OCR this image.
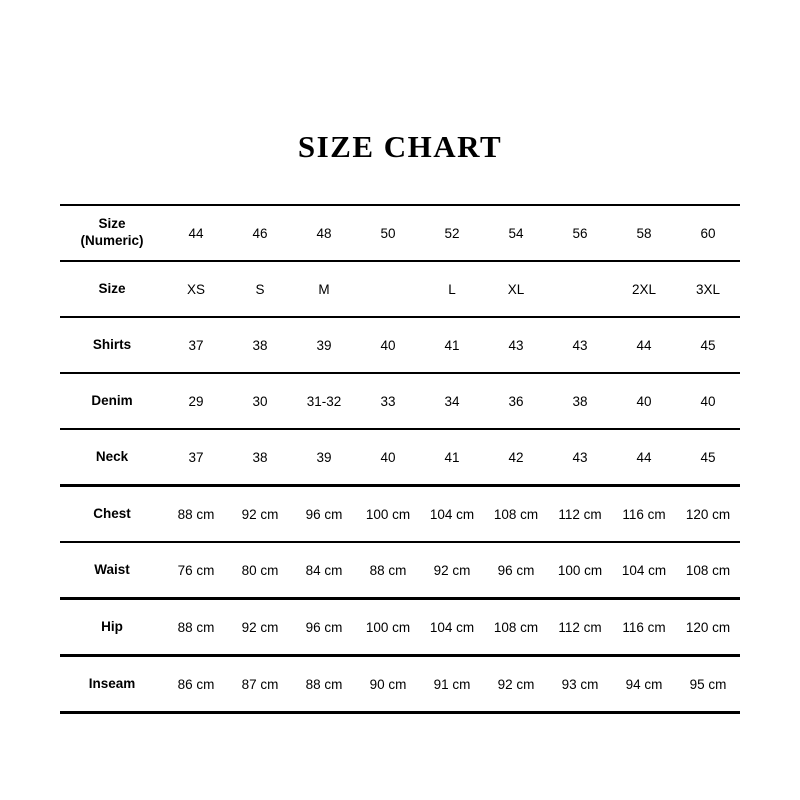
SIZE CHART
Size
(Numeric)	44	46	48	50	52	54	56	58	60
Size	XS	S	M		L	XL		2XL	3XL
Shirts	37	38	39	40	41	43	43	44	45
Denim	29	30	31-32	33	34	36	38	40	40
Neck	37	38	39	40	41	42	43	44	45
Chest	88 cm	92 cm	96 cm	100 cm	104 cm	108 cm	112 cm	116 cm	120 cm
Waist	76 cm	80 cm	84 cm	88 cm	92 cm	96 cm	100 cm	104 cm	108 cm
Hip	88 cm	92 cm	96 cm	100 cm	104 cm	108 cm	112 cm	116 cm	120 cm
Inseam	86 cm	87 cm	88 cm	90 cm	91 cm	92 cm	93 cm	94 cm	95 cm
